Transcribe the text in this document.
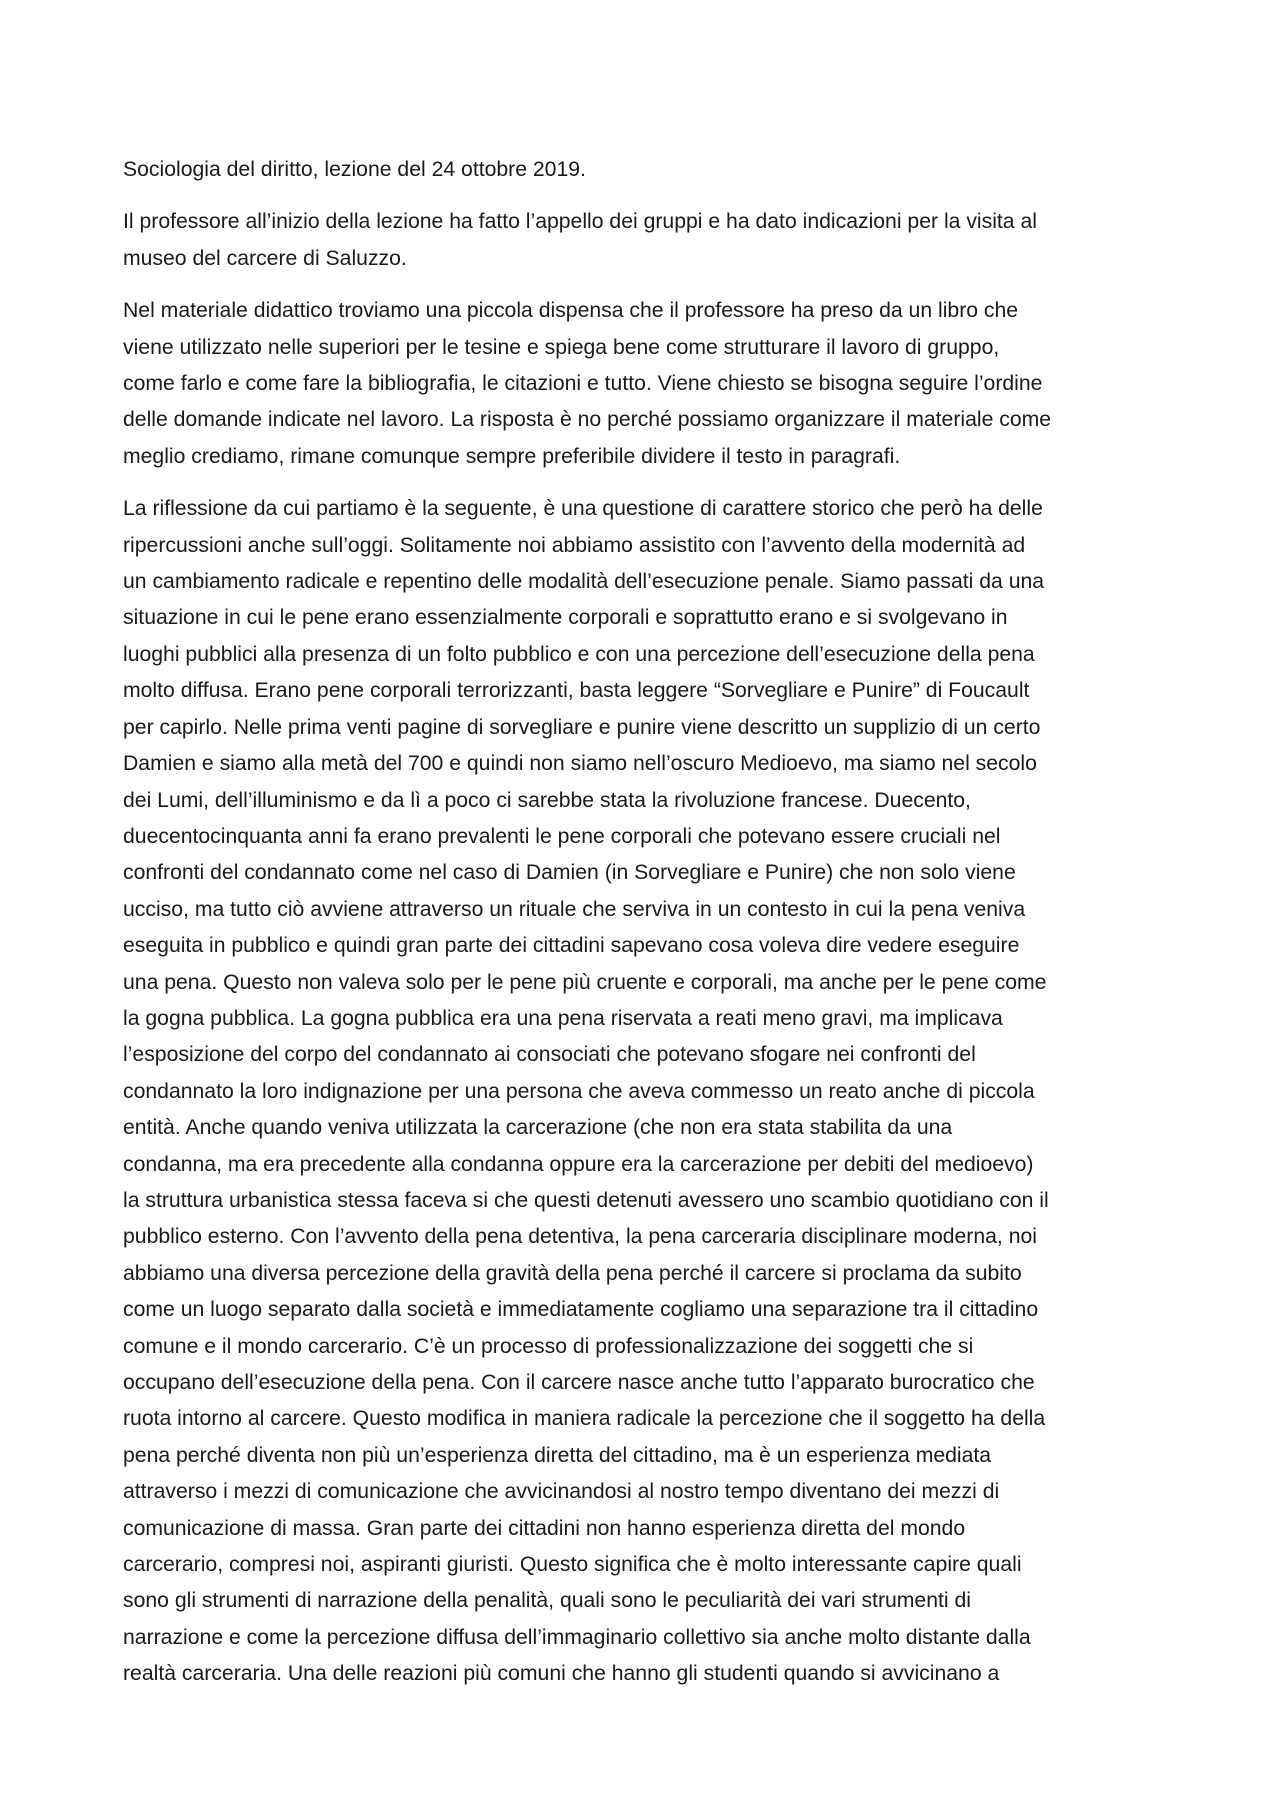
Sociologia del diritto, lezione del 24 ottobre 2019.

Il professore all’inizio della lezione ha fatto l’appello dei gruppi e ha dato indicazioni per la visita al
museo del carcere di Saluzzo.

Nel materiale didattico troviamo una piccola dispensa che il professore ha preso da un libro che
viene utilizzato nelle superiori per le tesine e spiega bene come strutturare il lavoro di gruppo,
come farlo e come fare la bibliografia, le citazioni e tutto. Viene chiesto se bisogna seguire l’ordine
delle domande indicate nel lavoro. La risposta è no perché possiamo organizzare il materiale come
meglio crediamo, rimane comunque sempre preferibile dividere il testo in paragrafi.

La riflessione da cui partiamo è la seguente, è una questione di carattere storico che però ha delle
ripercussioni anche sull’oggi. Solitamente noi abbiamo assistito con l’avvento della modernità ad
un cambiamento radicale e repentino delle modalità dell’esecuzione penale. Siamo passati da una
situazione in cui le pene erano essenzialmente corporali e soprattutto erano e si svolgevano in
luoghi pubblici alla presenza di un folto pubblico e con una percezione dell’esecuzione della pena
molto diffusa. Erano pene corporali terrorizzanti, basta leggere “Sorvegliare e Punire” di Foucault
per capirlo. Nelle prima venti pagine di sorvegliare e punire viene descritto un supplizio di un certo
Damien e siamo alla metà del 700 e quindi non siamo nell’oscuro Medioevo, ma siamo nel secolo
dei Lumi, dell’illuminismo e da lì a poco ci sarebbe stata la rivoluzione francese. Duecento,
duecentocinquanta anni fa erano prevalenti le pene corporali che potevano essere cruciali nel
confronti del condannato come nel caso di Damien (in Sorvegliare e Punire) che non solo viene
ucciso, ma tutto ciò avviene attraverso un rituale che serviva in un contesto in cui la pena veniva
eseguita in pubblico e quindi gran parte dei cittadini sapevano cosa voleva dire vedere eseguire
una pena. Questo non valeva solo per le pene più cruente e corporali, ma anche per le pene come
la gogna pubblica. La gogna pubblica era una pena riservata a reati meno gravi, ma implicava
l’esposizione del corpo del condannato ai consociati che potevano sfogare nei confronti del
condannato la loro indignazione per una persona che aveva commesso un reato anche di piccola
entità. Anche quando veniva utilizzata la carcerazione (che non era stata stabilita da una
condanna, ma era precedente alla condanna oppure era la carcerazione per debiti del medioevo)
la struttura urbanistica stessa faceva si che questi detenuti avessero uno scambio quotidiano con il
pubblico esterno. Con l’avvento della pena detentiva, la pena carceraria disciplinare moderna, noi
abbiamo una diversa percezione della gravità della pena perché il carcere si proclama da subito
come un luogo separato dalla società e immediatamente cogliamo una separazione tra il cittadino
comune e il mondo carcerario. C’è un processo di professionalizzazione dei soggetti che si
occupano dell’esecuzione della pena. Con il carcere nasce anche tutto l’apparato burocratico che
ruota intorno al carcere. Questo modifica in maniera radicale la percezione che il soggetto ha della
pena perché diventa non più un’esperienza diretta del cittadino, ma è un esperienza mediata
attraverso i mezzi di comunicazione che avvicinandosi al nostro tempo diventano dei mezzi di
comunicazione di massa. Gran parte dei cittadini non hanno esperienza diretta del mondo
carcerario, compresi noi, aspiranti giuristi. Questo significa che è molto interessante capire quali
sono gli strumenti di narrazione della penalità, quali sono le peculiarità dei vari strumenti di
narrazione e come la percezione diffusa dell’immaginario collettivo sia anche molto distante dalla
realtà carceraria. Una delle reazioni più comuni che hanno gli studenti quando si avvicinano a
